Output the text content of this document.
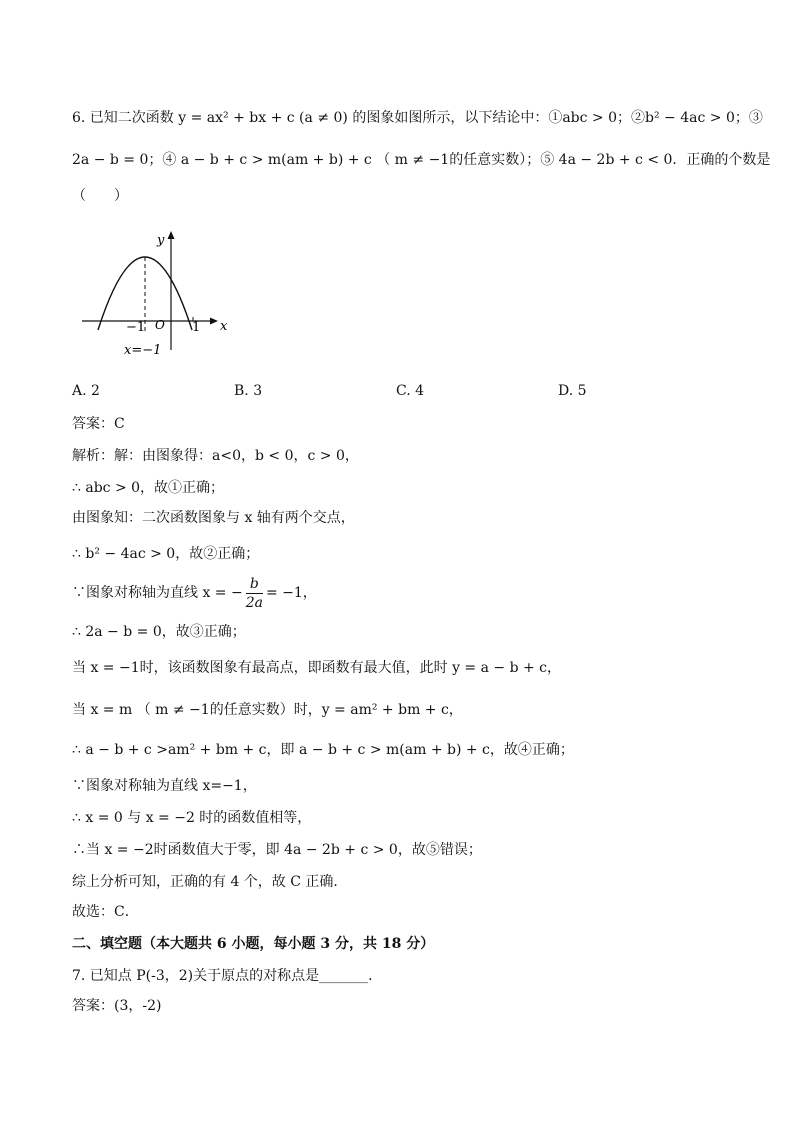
6. 已知二次函数 y = ax² + bx + c (a ≠ 0) 的图象如图所示，以下结论中：①abc > 0；②b² − 4ac > 0；③
2a − b = 0；④ a − b + c > m(am + b) + c （ m ≠ −1的任意实数）；⑤ 4a − 2b + c < 0．正确的个数是
（　　）
y
x
O
−1	1
x=−1
A. 2	B. 3	C. 4	D. 5
答案：C
解析：解：由图象得：a<0，b < 0，c > 0，
∴ abc > 0，故①正确；
由图象知：二次函数图象与 x 轴有两个交点，
∴ b² − 4ac > 0，故②正确；
∵图象对称轴为直线 x = − $\frac{b}{2a} = -1$，
∴ 2a − b = 0，故③正确；
当 x = −1时，该函数图象有最高点，即函数有最大值，此时 y = a − b + c，
当 x = m （ m ≠ −1的任意实数）时，y = am² + bm + c，
∴ a − b + c >am² + bm + c，即 a − b + c > m(am + b) + c，故④正确；
∵图象对称轴为直线 x=−1，
∴ x = 0 与 x = −2 时的函数值相等，
∴当 x = −2时函数值大于零，即 4a − 2b + c > 0，故⑤错误；
综上分析可知，正确的有 4 个，故 C 正确．
故选：C．
二、填空题（本大题共 6 小题，每小题 3 分，共 18 分）
7. 已知点 P(-3，2)关于原点的对称点是_______．
答案：(3，-2)
